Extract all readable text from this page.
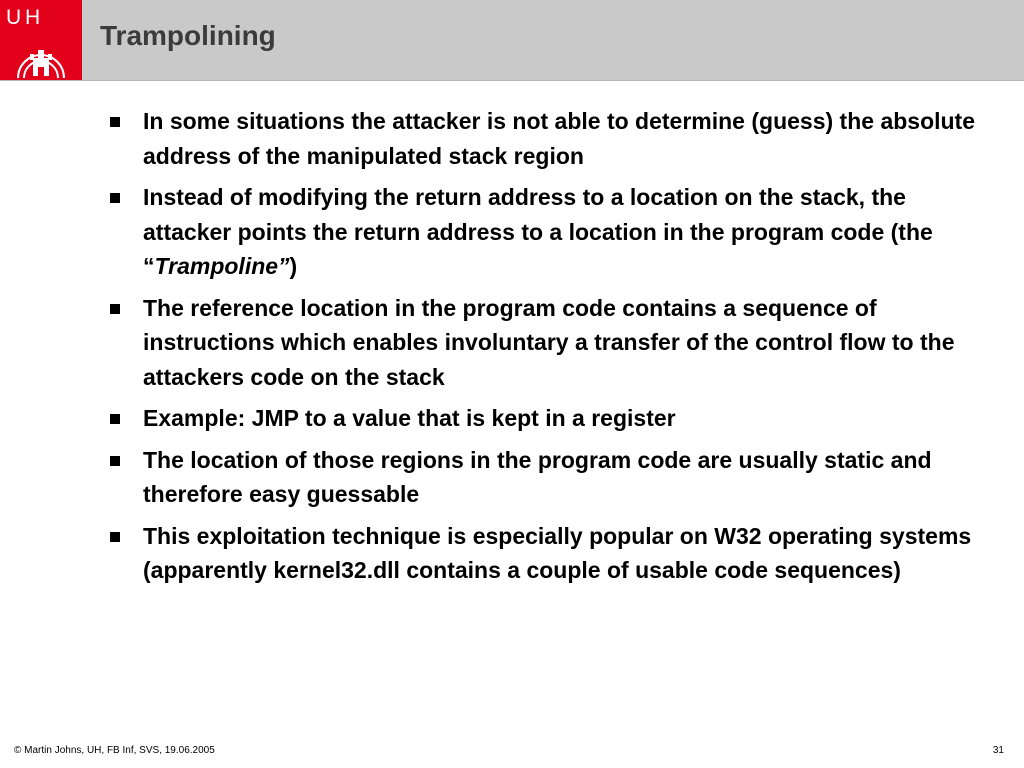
U H
Trampolining
In some situations the attacker is not able to determine (guess) the absolute address of the manipulated stack region
Instead of modifying the return address to a location on the stack, the attacker points the return address to a location in the program code (the “Trampoline”)
The reference location in the program code contains a sequence of instructions which enables involuntary a transfer of the control flow to the attackers code on the stack
Example: JMP to a value that is kept in a register
The location of those regions in the program code are usually static and therefore easy guessable
This exploitation technique is especially popular on W32 operating systems (apparently kernel32.dll contains a couple of usable code sequences)
© Martin Johns, UH, FB Inf, SVS, 19.06.2005	31
